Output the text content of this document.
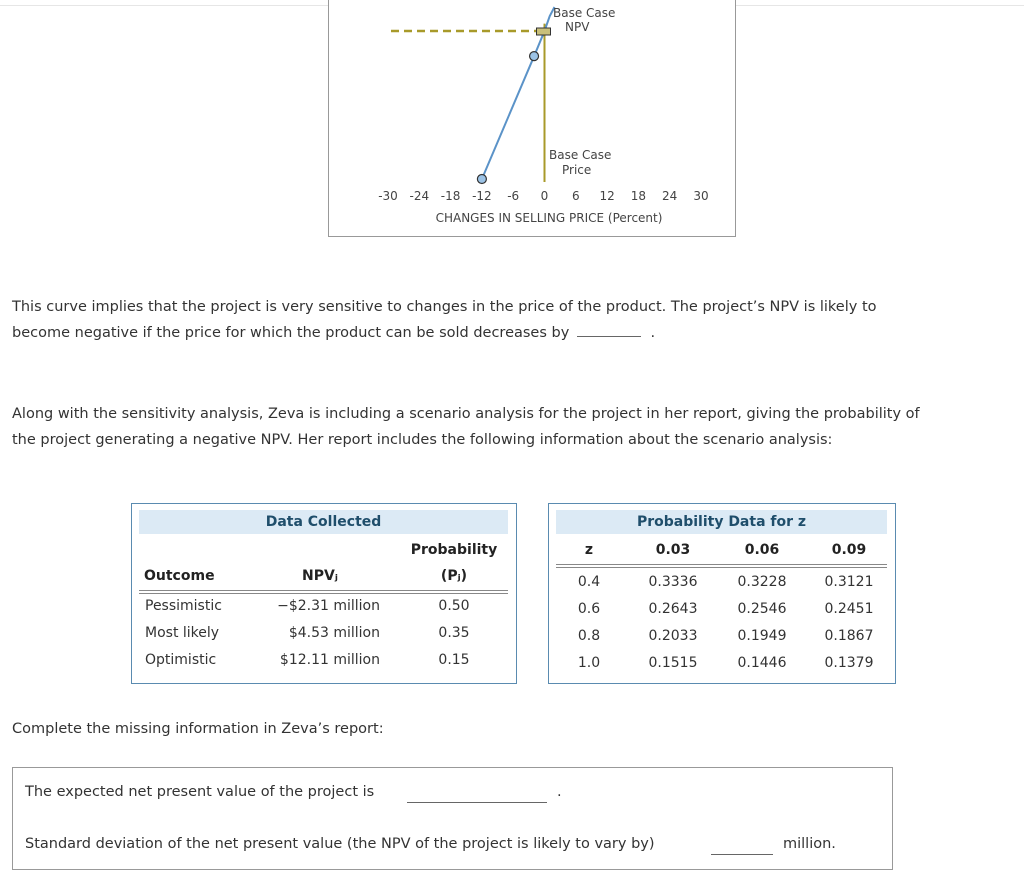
Base Case
NPV
Base Case
Price
-30 -24 -18 -12 -6 0 6 12 18 24 30
CHANGES IN SELLING PRICE (Percent)

This curve implies that the project is very sensitive to changes in the price of the product. The project’s NPV is likely to become negative if the price for which the product can be sold decreases by	.

Along with the sensitivity analysis, Zeva is including a scenario analysis for the project in her report, giving the probability of the project generating a negative NPV. Her report includes the following information about the scenario analysis:

Data Collected
Probability
Outcome	NPVⱼ	(Pⱼ)
Pessimistic	−$2.31 million	0.50
Most likely	$4.53 million	0.35
Optimistic	$12.11 million	0.15
Probability Data for z
z	0.03	0.06	0.09
0.4	0.3336	0.3228	0.3121
0.6	0.2643	0.2546	0.2451
0.8	0.2033	0.1949	0.1867
1.0	0.1515	0.1446	0.1379
Complete the missing information in Zeva’s report:
The expected net present value of the project is	.
Standard deviation of the net present value (the NPV of the project is likely to vary by)	million.
